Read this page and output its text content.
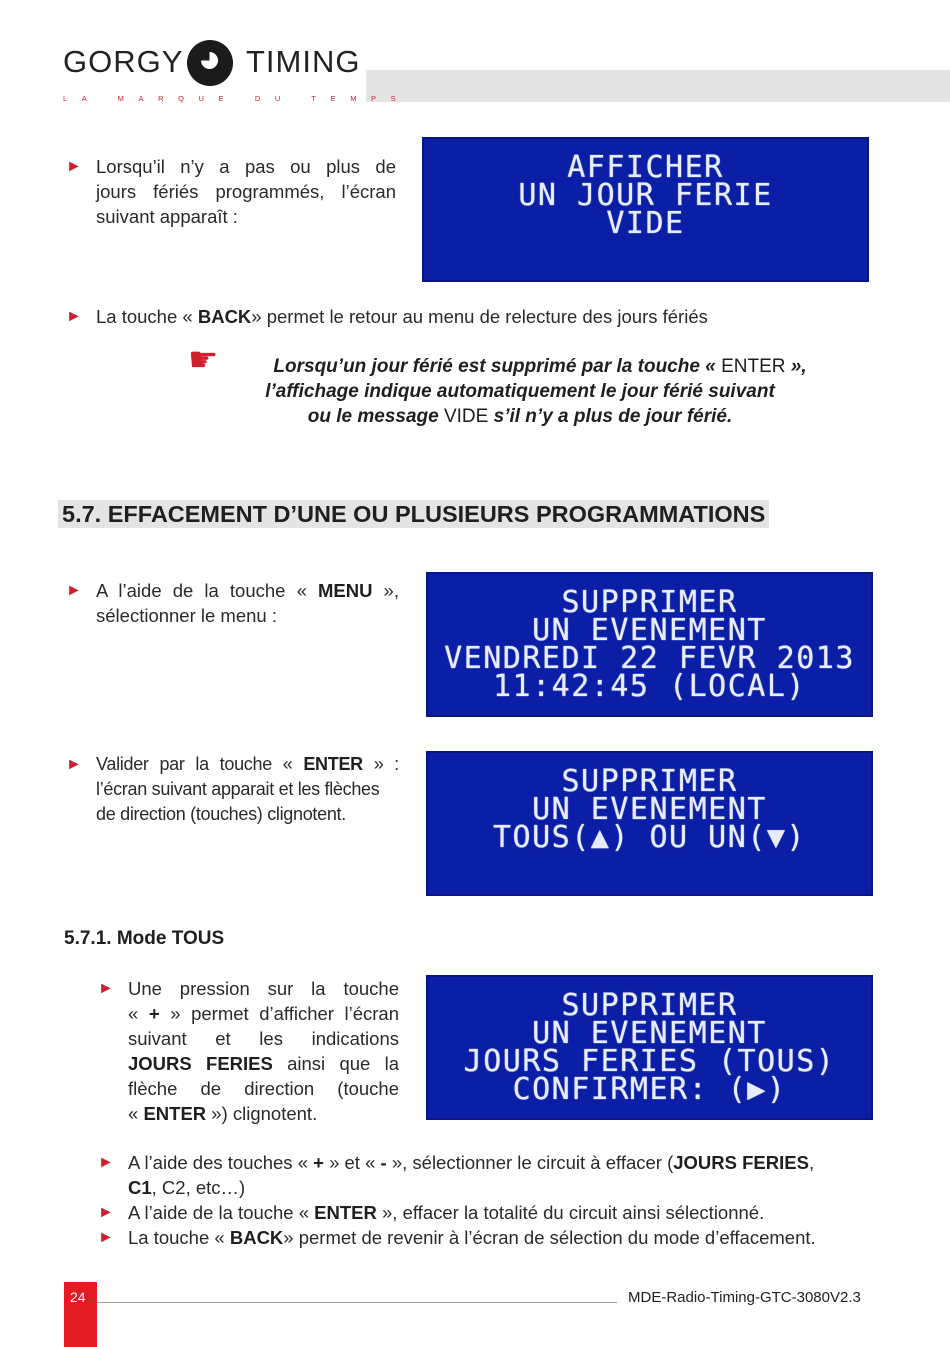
GORGY TIMING
LA MARQUE DU TEMPS
► Lorsqu’il n’y a pas ou plus de
jours fériés programmés, l’écran
suivant apparaît :
AFFICHER
UN JOUR FERIE
VIDE
► La touche « BACK» permet le retour au menu de relecture des jours fériés
☛	Lorsqu’un jour férié est supprimé par la touche « ENTER »,
l’affichage indique automatiquement le jour férié suivant
ou le message VIDE s’il n’y a plus de jour férié.
5.7. EFFACEMENT D’UNE OU PLUSIEURS PROGRAMMATIONS
► A l’aide de la touche « MENU »,
sélectionner le menu :	SUPPRIMER
UN EVENEMENT
VENDREDI 22 FEVR 2013
11:42:45 (LOCAL)
► Valider par la touche « ENTER » :
l’écran suivant apparait et les flèches
de direction (touches) clignotent.
SUPPRIMER
UN EVENEMENT
TOUS(▲) OU UN(▼)
5.7.1. Mode TOUS
► Une pression sur la touche
« + » permet d’afficher l’écran
suivant et les indications
JOURS FERIES ainsi que la
flèche de direction (touche
« ENTER ») clignotent.
SUPPRIMER
UN EVENEMENT
JOURS FERIES (TOUS)
CONFIRMER: (▶)
► A l’aide des touches « + » et « - », sélectionner le circuit à effacer (JOURS FERIES,
C1, C2, etc…)
► A l’aide de la touche « ENTER », effacer la totalité du circuit ainsi sélectionné.
► La touche « BACK» permet de revenir à l’écran de sélection du mode d’effacement.
24	MDE-Radio-Timing-GTC-3080V2.3
